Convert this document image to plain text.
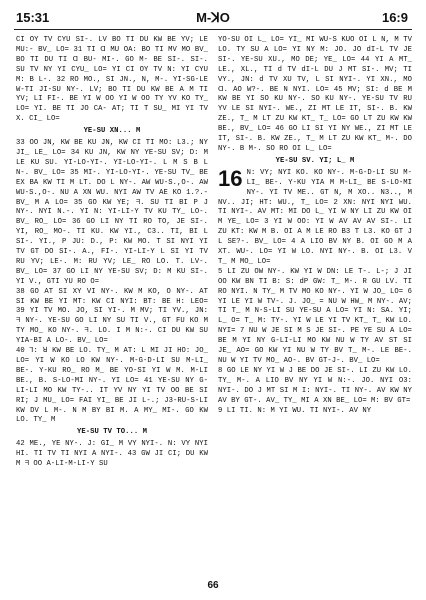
15:31	M-ꓘO	16:9

CI OY TV CYU SI-. LV BO TI DU KW BE YV; LE MU:- BV_ LO= 31 TI ᗡ MU OA: BO TI MV MO BV_ BO TI DU TI ᗡ BU- MI-. GO M- BE SI-. SI-. SU TV NY YI CYU_ LO= YI CI OY TV N: YI CYU M: B L-. 32 RO MO., SI JN., N, M-. YI-SG-LE W-TI JI-SU NY-. LV; BO TI DU KW BE A M TI YV; LI FI-. BE YI W OO YI W OO TY YV KO TY_ LO= YI. BE TI JO CA- AT; TI T SU_ MI YI TV X. CI_ LO=

YE-SU XN... M

33 OO JN, KW BE KU JN, KW CI TI MO: L3.; NY JI_ LE_ LO= 34 KU JN, KW NY YE-SU SV; D: M LE KU SU. YI-LO-YI-. YI-LO-YI-. L M S B L N-. BV_ LO= 35 MI-. YI-LO-YI-. YE-SU TV_ BE EX BA KW TI M LT. DO L NY-. AW WU-S.,O-. AW WU-S.,O-. NU A XN WU. NYI AW TV AE KO 1.?.- BV_ M A LO= 35 GO KW YE; ᖷ. SU TI BI P J NY-. NYI N.-. YI N: YI-LI-Y TV KU TY_ LO-. BV_ RO_ LO= 36 GO LI NY TI RO TO, JE SI-. YI, RO_ MO-. TI KU. KW YI., C3.. TI, BI L SI-. YI., P JU: D., P: KW MO. T SI NYI YI TV GT DO SI-. A., FI-. YI-LI-Y L SI YI TV RU YV; LE-. M: RU YV; LE_ RO LO. T. LV-. BV_ LO= 37 GO LI NY YE-SU SV; D: M KU SI-. YI V., GTI YU RO O=

38 GO AT SI XY VI NY-. KW M KO, O NY-. AT SI KW BE YI MT: KW CI NYI: BT: BE H: LEO= 39 YI TV MO. JO, SI YI-. M MV; TI YV., JN: ᖷ NY-. YE-SU GO LI NY SU TI V., GT FU KO M TY MO_ KO NY-. ᖷ. LO. I M N:-. CI DU KW SU YIA-BI A LO-. BV_ LO=

40 ꓶ: ꓤ KW BE LO. TY_ M AT: L MI JI HO: JO_ LO= YI W KO LO KW NY-. M-G-D-LI SU M-LI_ BE-. Y-KU RO_ RO M_ BE YO-SI YI W M. M-LI BE., B. S-LO-MI NY-. YI LO= 41 YE-SU NY G-LI-LI MO KW TY-.. IT YV NY YI TV OO BE SI RI; J MU_ LO= FAI YI_ BE JI L-.; J3-RU-S-LI KW DV L M-. N M BY BI M. A MY_ MI-. GO KW LO. TY_ M

YE-SU TV TO... M

42 ME., YE NY-. J: GI_ M VY NYI-. N: VY NYI HI. TI TV TI NYI A NYI-. 43 GW JI CI; DU KW M ᖷ OO A-LI-M-LI-Y SU

YO-SU OI L_ LO= YI_ MI WU-S KUO OI L N, M TV LO. TY SU A LO= YI NY M: JO. JO dI-L TV JE SI-. YE-SU XU., MO DE; YE_ LO= 44 YI A MT_ LE., XL., TI d TV dI-L DU J MT SI-. MV; TI VY., JN: d TV XU TV, L SI NYI-. YI XN., MO ᗡ. AO W?-. BE N NYI. LO= 45 MV; SI: d BE M KW BE YI SO KU NY-. SO KU NY-. YE-SU TV RU YV LE SI NYI-. WE., ZI MT LE IT, SI-. B. KW ZE., T_ M LT ZU KW KT_ T_ LO= GO LT ZU KW KW BE., BV_ LO= 46 GO LI SI YI NY WE., ZI MT LE IT, SI-. B. KW ZE., T_ M LT ZU KW KT_ M-. DO NY-. B M-. SO RO OI L_ LO=

YE-SU SV. YI; L_ M

16 N: VY; NYI KO. KO NY-. M-G-D-LI SU M-LI_ BE-. Y-KU YIA M M-LI_ BE S-LO-MI NY-. YI TV ME.. GT N, M XO.. N3.., M NV.. JI; HT: WU., T_ LO= 2 XN: NYI NYI WU. TI NYI-. AV MT: MI DO L_ YI W NY LI ZU KW OI M YE_ LO= 3 YI W OO: YI W AV AV AV SI-. LI ZU KT: KW M B. OI A M LE RO B3 T L3. KO GT J L SE?-. BV_ LO= 4 A LIO BV NY B. OI GO M A XT. WU-. LO= YI W LO. NYI NY-. B. OI L3. V T_ M MO_ LO=

5 LI ZU OW NY-. KW YI W DN: LE T-. L-; J JI OO KW BN TI B: S: dP GW: T_ M-. R GU LV. TI RO NYI. N TY_ M TV MO KO NY-. YI W JO_ LO= 6 YI LE YI W TV-. J. JO_ = NU W HW_ M NY-. AV; TI T_ M N-S-LI SU YE-SU A LO= YI N: SA. YI; L_ O= T_ M: TY-. YI W LE YI TV KT_ T_ KW LO. NYI= 7 NU W JE SI M S JE SI-. PE YE SU A LO= BE M YI NY G-LI-LI MO KW NU W TY AV ST SI JE_ AO= GO KW YI NU W TY BV T_ M-. LE BE-. NU W YI TV MO_ AO-. BV GT-J-. BV_ LO=

8 GO LE NY YI W J BE DO JE SI-. LI ZU KW LO. TY_ M-. A LIO BV NY YI W N:-. JO. NYI O3: NYI-. DO J MT SI M I: NYI-. TI NY-. AV KW NY AV BY GT-. AV_ TY_ MI A XN BE_ LO= M: BV GT=

9 LI TI. N: M YI WU. TI NYI-. AV NY

66
